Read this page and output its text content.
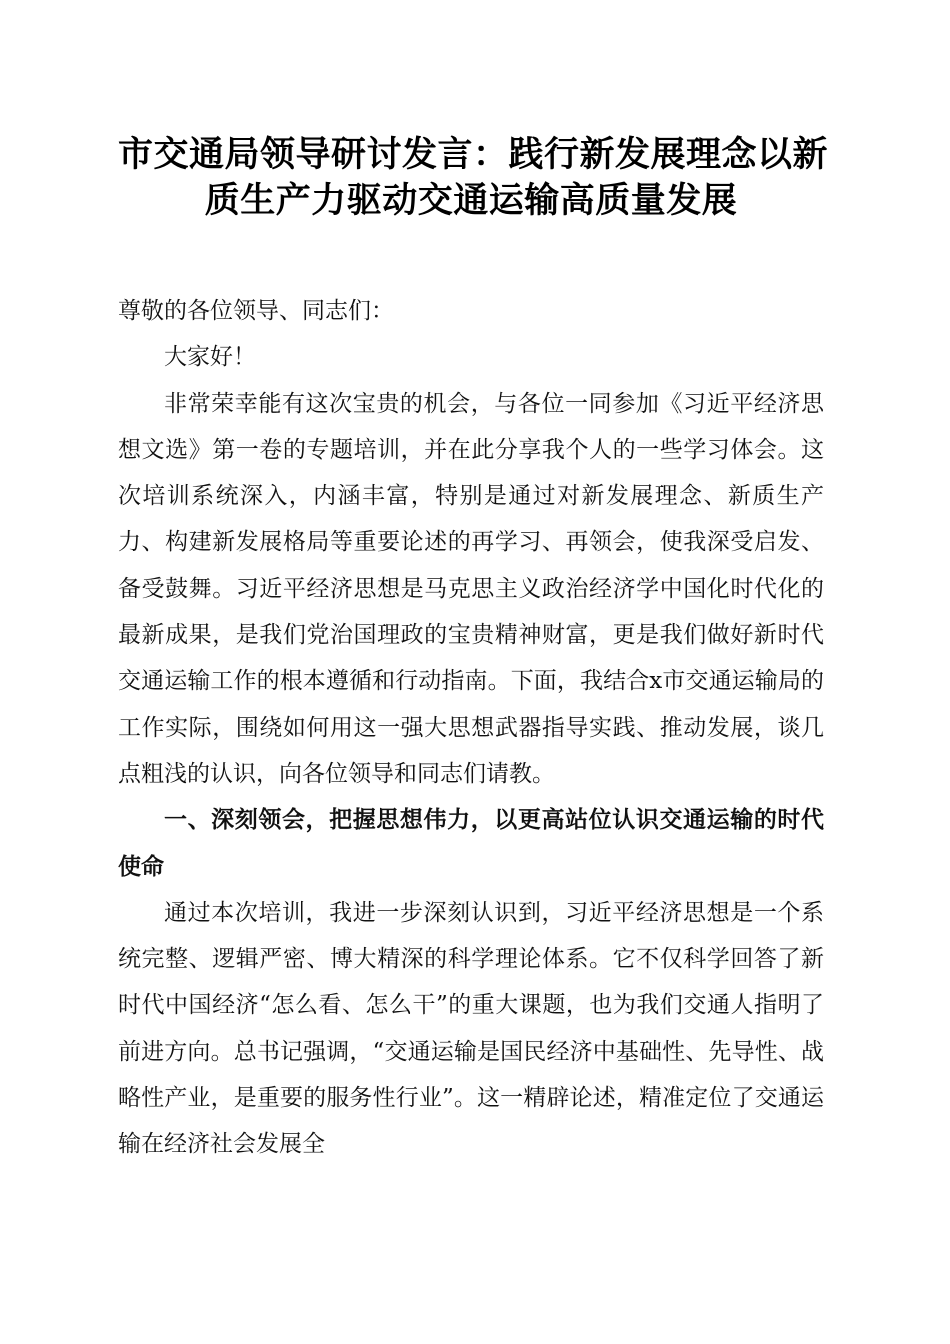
市交通局领导研讨发言：践行新发展理念以新
质生产力驱动交通运输高质量发展

尊敬的各位领导、同志们：

大家好！

非常荣幸能有这次宝贵的机会，与各位一同参加《习近平经济思想文选》第一卷的专题培训，并在此分享我个人的一些学习体会。这次培训系统深入，内涵丰富，特别是通过对新发展理念、新质生产力、构建新发展格局等重要论述的再学习、再领会，使我深受启发、备受鼓舞。习近平经济思想是马克思主义政治经济学中国化时代化的最新成果，是我们党治国理政的宝贵精神财富，更是我们做好新时代交通运输工作的根本遵循和行动指南。下面，我结合x市交通运输局的工作实际，围绕如何用这一强大思想武器指导实践、推动发展，谈几点粗浅的认识，向各位领导和同志们请教。

一、深刻领会，把握思想伟力，以更高站位认识交通运输的时代使命

通过本次培训，我进一步深刻认识到，习近平经济思想是一个系统完整、逻辑严密、博大精深的科学理论体系。它不仅科学回答了新时代中国经济“怎么看、怎么干”的重大课题，也为我们交通人指明了前进方向。总书记强调，“交通运输是国民经济中基础性、先导性、战略性产业，是重要的服务性行业”。这一精辟论述，精准定位了交通运输在经济社会发展全
